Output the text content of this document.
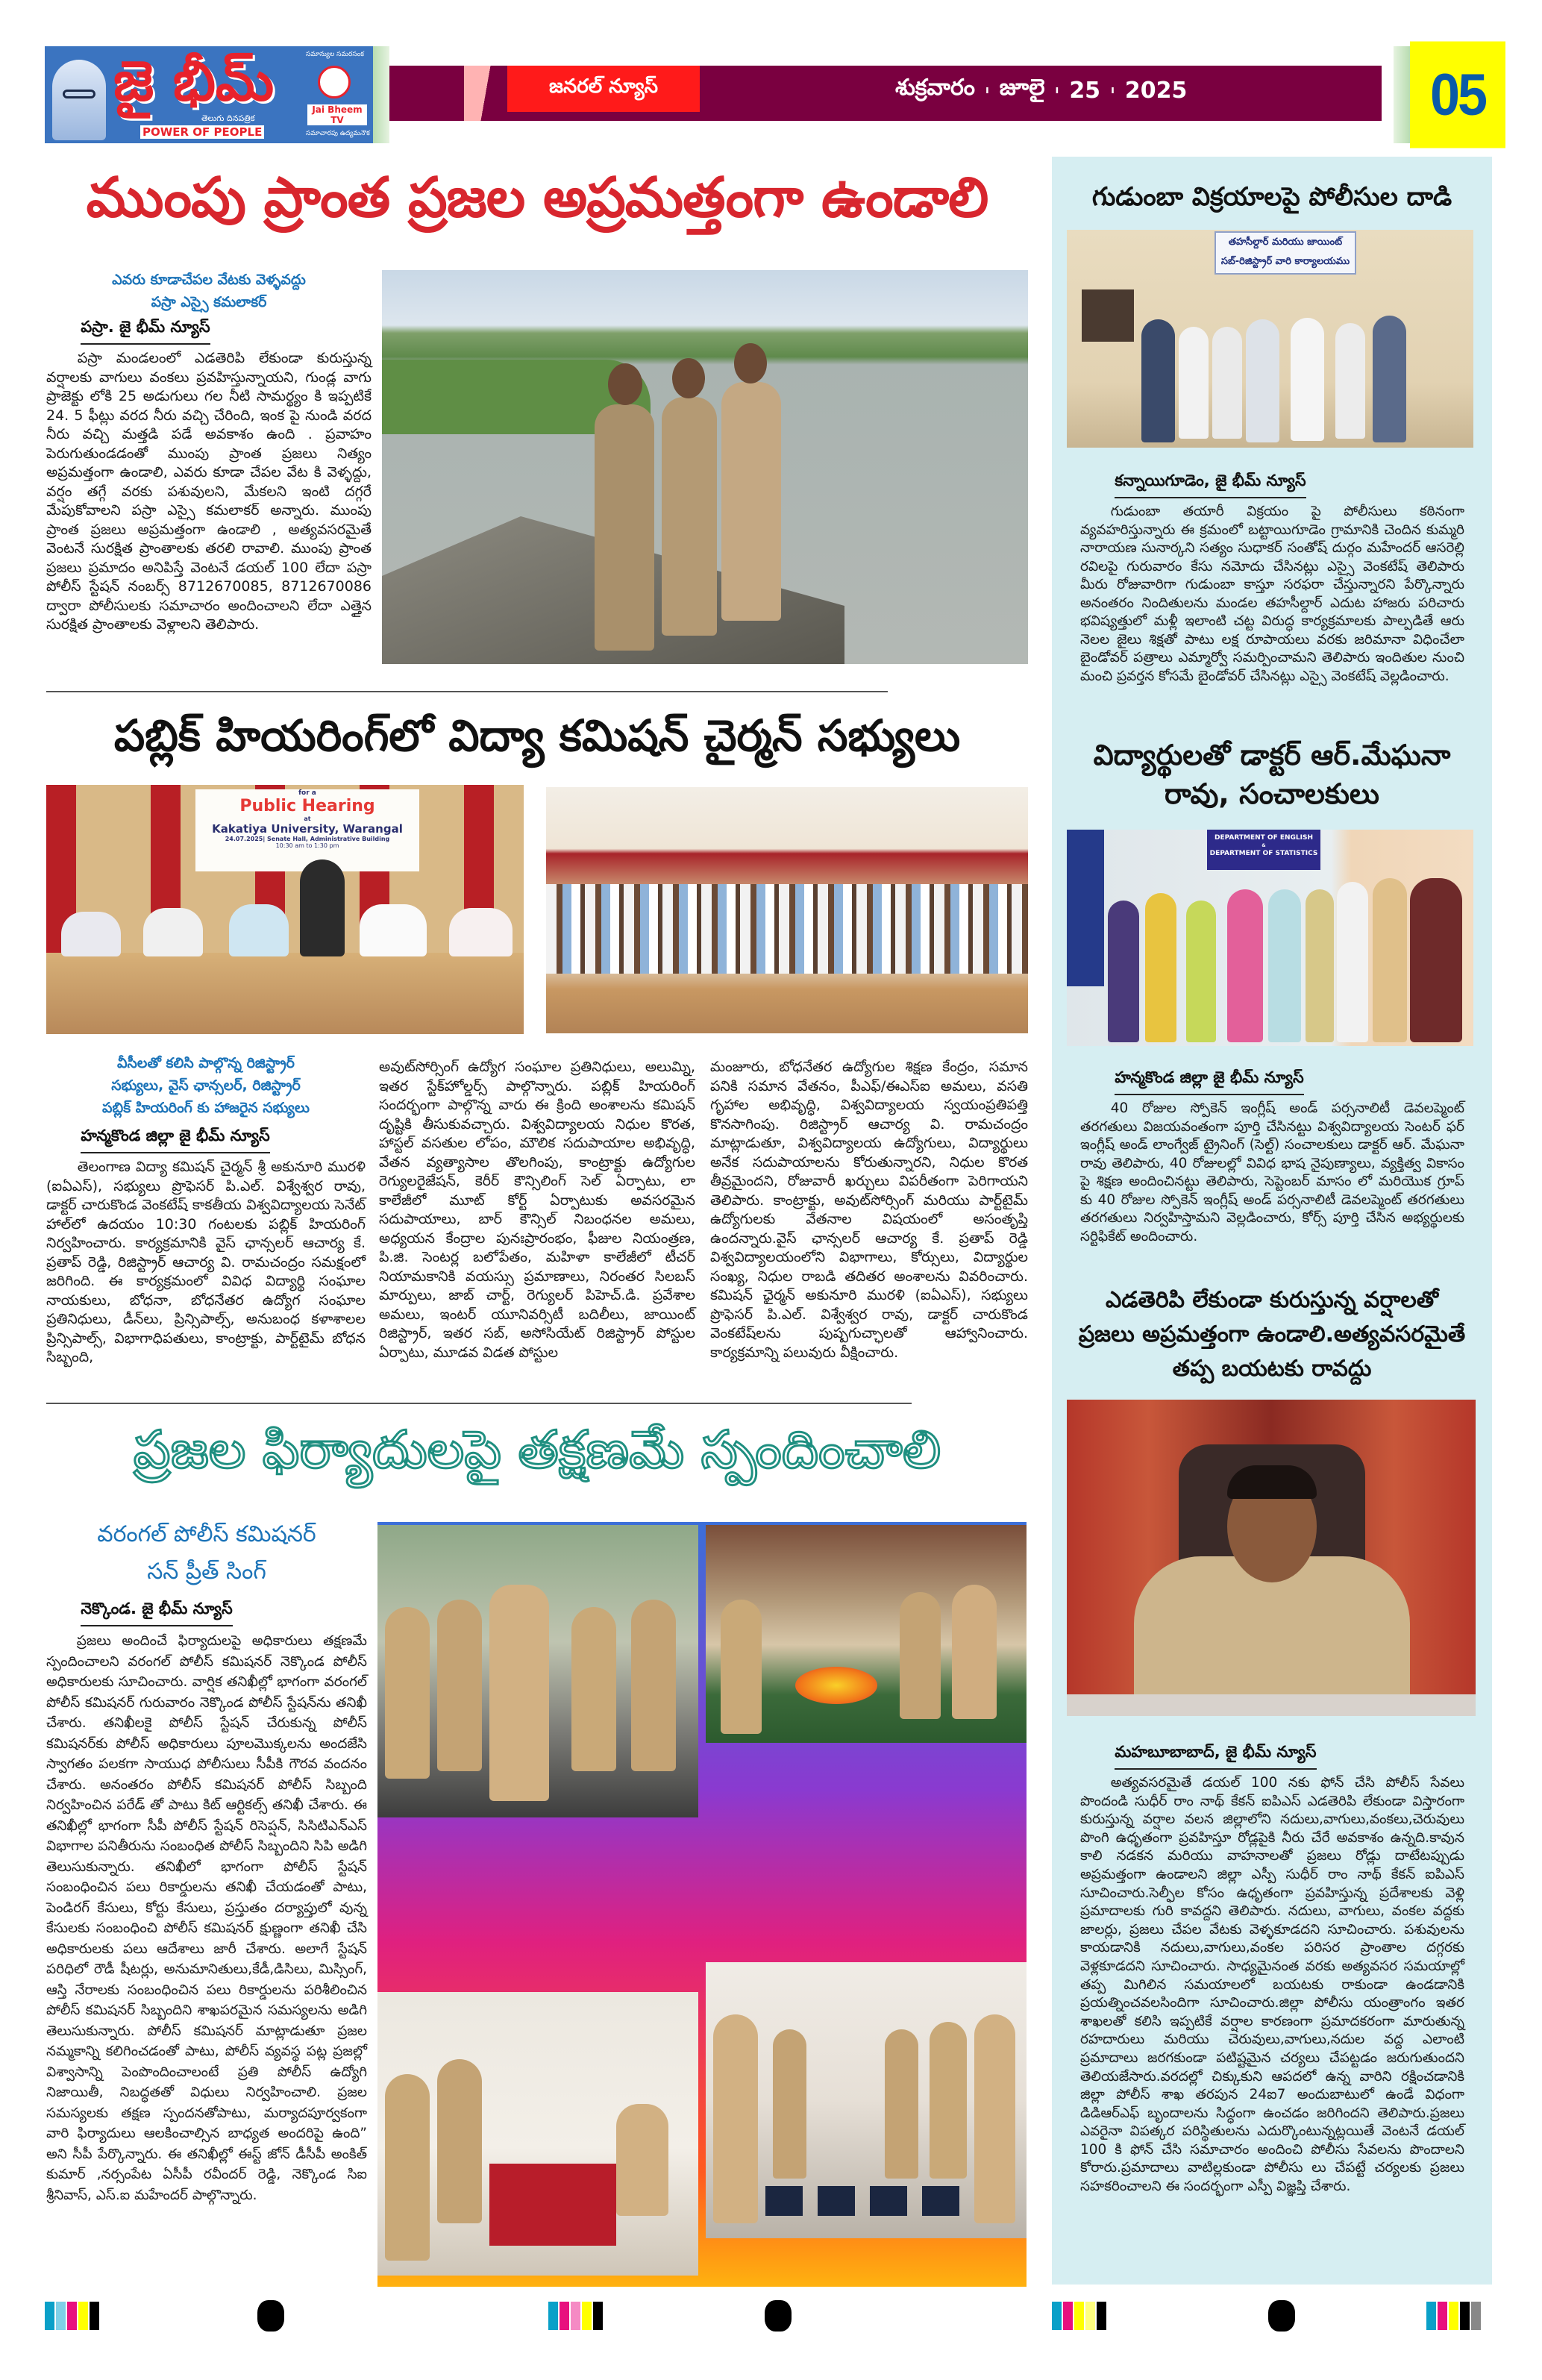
జై భీమ్
తెలుగు దినపత్రిక
POWER OF PEOPLE
సమాన్యుల సమరసంక
Jai Bheem TV
సమాచారపు ఉద్యమనౌక
జనరల్ న్యూస్	శుక్రవారం ı జూలై ı 25 ı 2025	05
ముంపు ప్రాంత ప్రజల అప్రమత్తంగా ఉండాలి
ఎవరు కూడాచేపల వేటకు వెళ్ళవద్దు
పస్రా ఎస్సై కమలాకర్
పస్రా. జై భీమ్ న్యూస్
పస్రా మండలంలో ఎడతెరిపి లేకుండా కురుస్తున్న వర్షాలకు వాగులు వంకలు ప్రవహిస్తున్నాయని, గుండ్ల వాగు ప్రాజెక్టు లోకి 25 అడుగులు గల నీటి సామర్థ్యం కి ఇప్పటికే 24. 5 ఫీట్లు వరద నీరు వచ్చి చేరింది, ఇంక పై నుండి వరద నీరు వచ్చి మత్తడి పడే అవకాశం ఉంది . ప్రవాహం పెరుగుతుండడంతో ముంపు ప్రాంత ప్రజలు నిత్యం అప్రమత్తంగా ఉండాలి, ఎవరు కూడా చేపల వేట కి వెళ్ళద్దు, వర్షం తగ్గే వరకు పశువులని, మేకలని ఇంటి దగ్గరే మేపుకోవాలని పస్రా ఎస్సై కమలాకర్ అన్నారు. ముంపు ప్రాంత ప్రజలు అప్రమత్తంగా ఉండాలి , అత్యవసరమైతే వెంటనే సురక్షిత ప్రాంతాలకు తరలి రావాలి. ముంపు ప్రాంత ప్రజలు ప్రమాదం అనిపిస్తే వెంటనే డయల్ 100 లేదా పస్రా పోలీస్ స్టేషన్ నంబర్స్ 8712670085, 8712670086 ద్వారా పోలీసులకు సమాచారం అందించాలని లేదా ఎత్తైన సురక్షిత ప్రాంతాలకు వెళ్లాలని తెలిపారు.
పబ్లిక్ హియరింగ్‌లో విద్యా కమిషన్ చైర్మన్ సభ్యులు
for a
Public Hearing
at
Kakatiya University, Warangal
24.07.2025| Senate Hall, Administrative Building
10:30 am to 1:30 pm
వీసీలతో కలిసి పాల్గొన్న రిజిస్ట్రార్
సభ్యులు, వైస్ ఛాన్సలర్, రిజిస్ట్రార్
పబ్లిక్ హియరింగ్ కు హాజరైన సభ్యులు
హన్మకొండ జిల్లా జై భీమ్ న్యూస్
తెలంగాణ విద్యా కమిషన్ చైర్మన్ శ్రీ అకునూరి మురళి (ఐఏఎస్), సభ్యులు ప్రొఫెసర్ పి.ఎల్. విశ్వేశ్వర రావు, డాక్టర్ చారుకొండ వెంకటేష్ కాకతీయ విశ్వవిద్యాలయ సెనేట్ హాల్‌లో ఉదయం 10:30 గంటలకు పబ్లిక్ హియరింగ్ నిర్వహించారు. కార్యక్రమానికి వైస్ ఛాన్సలర్ ఆచార్య కే. ప్రతాప్ రెడ్డి, రిజిస్ట్రార్ ఆచార్య వి. రామచంద్రం సమక్షంలో జరిగింది. ఈ కార్యక్రమంలో వివిధ విద్యార్థి సంఘాల నాయకులు, బోధనా, బోధనేతర ఉద్యోగ సంఘాల ప్రతినిధులు, డీన్‌లు, ప్రిన్సిపాల్స్, అనుబంధ కళాశాలల ప్రిన్సిపాల్స్, విభాగాధిపతులు, కాంట్రాక్టు, పార్ట్‌టైమ్ బోధన సిబ్బంది,
అవుట్‌సోర్సింగ్ ఉద్యోగ సంఘాల ప్రతినిధులు, అలుమ్ని, ఇతర స్టేక్‌హోల్డర్స్ పాల్గొన్నారు. పబ్లిక్ హియరింగ్ సందర్భంగా పాల్గొన్న వారు ఈ క్రింది అంశాలను కమిషన్ దృష్టికి తీసుకువచ్చారు. విశ్వవిద్యాలయ నిధుల కొరత, హాస్టల్ వసతుల లోపం, మౌలిక సదుపాయాల అభివృద్ధి, వేతన వ్యత్యాసాల తొలగింపు, కాంట్రాక్టు ఉద్యోగుల రెగ్యులరైజేషన్, కెరీర్ కౌన్సిలింగ్ సెల్ ఏర్పాటు, లా కాలేజీలో మూట్ కోర్ట్ ఏర్పాటుకు అవసరమైన సదుపాయాలు, బార్ కౌన్సిల్ నిబంధనల అమలు, అధ్యయన కేంద్రాల పునఃప్రారంభం, ఫీజుల నియంత్రణ, పి.జి. సెంటర్ల బలోపేతం, మహిళా కాలేజీలో టీచర్ నియామకానికి వయస్సు ప్రమాణాలు, నిరంతర సిలబస్ మార్పులు, జాబ్ చార్ట్, రెగ్యులర్ పిహెచ్.డి. ప్రవేశాల అమలు, ఇంటర్ యూనివర్సిటీ బదిలీలు, జాయింట్ రిజిస్ట్రార్, ఇతర సబ్, అసోసియేట్ రిజిస్ట్రార్ పోస్టుల ఏర్పాటు, మూడవ విడత పోస్టుల
మంజూరు, బోధనేతర ఉద్యోగుల శిక్షణ కేంద్రం, సమాన పనికి సమాన వేతనం, పీఎఫ్/ఈఎస్ఐ అమలు, వసతి గృహాల అభివృద్ధి, విశ్వవిద్యాలయ స్వయంప్రతిపత్తి కొనసాగింపు. రిజిస్ట్రార్ ఆచార్య వి. రామచంద్రం మాట్లాడుతూ, విశ్వవిద్యాలయ ఉద్యోగులు, విద్యార్థులు అనేక సదుపాయాలను కోరుతున్నారని, నిధుల కొరత తీవ్రమైందని, రోజువారీ ఖర్చులు విపరీతంగా పెరిగాయని తెలిపారు. కాంట్రాక్టు, అవుట్‌సోర్సింగ్ మరియు పార్ట్‌టైమ్ ఉద్యోగులకు వేతనాల విషయంలో అసంతృప్తి ఉందన్నారు.వైస్ ఛాన్సలర్ ఆచార్య కే. ప్రతాప్ రెడ్డి విశ్వవిద్యాలయంలోని విభాగాలు, కోర్సులు, విద్యార్థుల సంఖ్య, నిధుల రాబడి తదితర అంశాలను వివరించారు. కమిషన్ ఛైర్మన్ అకునూరి మురళి (ఐఏఎస్), సభ్యులు ప్రొఫెసర్ పి.ఎల్. విశ్వేశ్వర రావు, డాక్టర్ చారుకొండ వెంకటేష్‌లను పుష్పగుచ్ఛాలతో ఆహ్వానించారు. కార్యక్రమాన్ని పలువురు వీక్షించారు.
ప్రజల ఫిర్యాదులపై తక్షణమే స్పందించాలి
వరంగల్ పోలీస్ కమిషనర్
సన్ ప్రీత్ సింగ్
నెక్కొండ. జై భీమ్ న్యూస్
ప్రజలు అందించే ఫిర్యాదులపై అధికారులు తక్షణమే స్పందించాలని వరంగల్ పోలీస్ కమిషనర్ నెక్కొండ పోలీస్ అధికారులకు సూచించారు. వార్షిక తనిఖీల్లో భాగంగా వరంగల్ పోలీస్ కమిషనర్ గురువారం నెక్కొండ పోలీస్ స్టేషన్‌ను తనిఖీ చేశారు. తనిఖీలకై పోలీస్ స్టేషన్ చేరుకున్న పోలీస్ కమిషనర్‌కు పోలీస్ అధికారులు పూలమొక్కలను అందజేసి స్వాగతం పలకగా సాయుధ పోలీసులు సీపీకి గౌరవ వందనం చేశారు. అనంతరం పోలీస్ కమిషనర్ పోలీస్ సిబ్బంది నిర్వహించిన పరేడ్ తో పాటు కిట్ ఆర్టికల్స్ తనిఖీ చేశారు. ఈ తనిఖీల్లో భాగంగా సీపీ పోలీస్ స్టేషన్ రిసెప్షన్, సిసిటిఎన్ఎస్ విభాగాల పనితీరును సంబంధిత పోలీస్ సిబ్బందిని సిపి అడిగి తెలుసుకున్నారు. తనిఖీలో భాగంగా పోలీస్ స్టేషన్ సంబంధించిన పలు రికార్డులను తనిఖీ చేయడంతో పాటు, పెండిరగ్ కేసులు, కోర్టు కేసులు, ప్రస్తుతం దర్యాప్తులో వున్న కేసులకు సంబంధించి పోలీస్ కమిషనర్ క్షుణ్ణంగా తనిఖీ చేసి అధికారులకు పలు ఆదేశాలు జారీ చేశారు. అలాగే స్టేషన్ పరిధిలో రౌడీ షీటర్లు, అనుమానితులు,కేడీ,డిసిలు, మిస్సింగ్, ఆస్తి నేరాలకు సంబంధించిన పలు రికార్డులను పరిశీలించిన పోలీస్ కమిషనర్ సిబ్బందిని శాఖపరమైన సమస్యలను అడిగి తెలుసుకున్నారు. పోలీస్ కమిషనర్ మాట్లాడుతూ ప్రజల నమ్మకాన్ని కలిగించడంతో పాటు, పోలీస్ వ్యవస్థ పట్ల ప్రజల్లో విశ్వాసాన్ని పెంపొందించాలంటే ప్రతి పోలీస్ ఉద్యోగి నిజాయితీ, నిబద్ధతతో విధులు నిర్వహించాలి. ప్రజల సమస్యలకు తక్షణ స్పందనతోపాటు, మర్యాదపూర్వకంగా వారి ఫిర్యాదులు ఆలకించాల్సిన బాధ్యత అందరిపై ఉంది” అని సీపీ పేర్కొన్నారు. ఈ తనిఖీల్లో ఈస్ట్ జోన్ డీసీపీ అంకిత్ కుమార్ ,నర్సంపేట ఏసీపీ రవీందర్ రెడ్డి, నెక్కొండ సిఐ శ్రీనివాస్, ఎస్.ఐ మహేందర్ పాల్గొన్నారు.
గుడుంబా విక్రయాలపై పోలీసుల దాడి
తహసీల్దార్ మరియు జాయింట్
సబ్-రిజిస్ట్రార్ వారి కార్యాలయము
కన్నాయిగూడెం, జై భీమ్ న్యూస్
గుడుంబా తయారీ విక్రయం పై పోలీసులు కఠినంగా వ్యవహరిస్తున్నారు ఈ క్రమంలో బట్టాయిగూడెం గ్రామానికి చెందిన కుమ్మరి నారాయణ సునార్కని సత్యం సుధాకర్ సంతోష్ దుర్గం మహేందర్ ఆసరెల్లి రవిలపై గురువారం కేసు నమోదు చేసినట్లు ఎస్సై వెంకటేష్ తెలిపారు మీరు రోజువారిగా గుడుంబా కాస్తూ సరఫరా చేస్తున్నారని పేర్కొన్నారు అనంతరం నిందితులను మండల తహసీల్దార్ ఎదుట హాజరు పరిచారు భవిష్యత్తులో మళ్లీ ఇలాంటి చట్ట విరుద్ధ కార్యక్రమాలకు పాల్పడితే ఆరు నెలల జైలు శిక్షతో పాటు లక్ష రూపాయలు వరకు జరిమానా విధించేలా బైండోవర్ పత్రాలు ఎమ్మార్వో సమర్పించామని తెలిపారు ఇందితుల నుంచి మంచి ప్రవర్తన కోసమే బైండోవర్ చేసినట్లు ఎస్సై వెంకటేష్ వెల్లడించారు.
విద్యార్థులతో డాక్టర్ ఆర్.మేఘనా
రావు, సంచాలకులు
DEPARTMENT OF ENGLISH
&
DEPARTMENT OF STATISTICS
హన్మకొండ జిల్లా జై భీమ్ న్యూస్
40 రోజుల స్పోకెన్ ఇంగ్లీష్ అండ్ పర్సనాలిటీ డెవలప్మెంట్ తరగతులు విజయవంతంగా పూర్తి చేసినట్టు విశ్వవిద్యాలయ సెంటర్ ఫర్ ఇంగ్లీష్ అండ్ లాంగ్వేజ్ ట్రైనింగ్ (సెల్ట్) సంచాలకులు డాక్టర్ ఆర్. మేఘనా రావు తెలిపారు, 40 రోజులల్లో వివిధ భాష నైపుణ్యాలు, వ్యక్తిత్వ వికాసం పై శిక్షణ అందించినట్టు తెలిపారు, సెప్టెంబర్ మాసం లో మరియొక గ్రూప్ కు 40 రోజుల స్పోకెన్ ఇంగ్లీష్ అండ్ పర్సనాలిటీ డెవలప్మెంట్ తరగతులు తరగతులు నిర్వహిస్తామని వెల్లడించారు, కోర్స్ పూర్తి చేసిన అభ్యర్థులకు సర్టిఫికేట్ అందించారు.
ఎడతెరిపి లేకుండా కురుస్తున్న వర్షాలతో
ప్రజలు అప్రమత్తంగా ఉండాలి.అత్యవసరమైతే
తప్ప బయటకు రావద్దు
మహబూబాబాద్, జై భీమ్ న్యూస్
అత్యవసరమైతే డయల్ 100 నకు ఫోన్ చేసి పోలీస్ సేవలు పొందండి సుధీర్ రాం నాథ్ కేకన్ ఐపిఎస్ ఎడతెరిపి లేకుండా విస్తారంగా కురుస్తున్న వర్షాల వలన జిల్లాలోని నదులు,వాగులు,వంకలు,చెరువులు పొంగి ఉధృతంగా ప్రవహిస్తూ రోడ్లపైకి నీరు చేరే అవకాశం ఉన్నది.కావున కాలి నడకన మరియు వాహనాలతో ప్రజలు రోడ్లు దాటేటప్పుడు అప్రమత్తంగా ఉండాలని జిల్లా ఎస్పీ సుధీర్ రాం నాథ్ కేకన్ ఐపిఎస్ సూచించారు.సెల్ఫీల కోసం ఉధృతంగా ప్రవహిస్తున్న ప్రదేశాలకు వెళ్లి ప్రమాదాలకు గురి కావద్దని తెలిపారు. నదులు, వాగులు, వంకల వద్దకు జాలర్లు, ప్రజలు చేపల వేటకు వెళ్ళకూడదని సూచించారు. పశువులను కాయడానికి నదులు,వాగులు,వంకల పరిసర ప్రాంతాల దగ్గరకు వెళ్లకూడదని సూచించారు. సాధ్యమైనంత వరకు అత్యవసర సమయాల్లో తప్ప మిగిలిన సమయాలలో బయటకు రాకుండా ఉండడానికి ప్రయత్నించవలసిందిగా సూచించారు.జిల్లా పోలీసు యంత్రాంగం ఇతర శాఖలతో కలిసి ఇప్పటికే వర్షాల కారణంగా ప్రమాదకరంగా మారుతున్న రహదారులు మరియు చెరువులు,వాగులు,నదుల వద్ద ఎలాంటి ప్రమాదాలు జరగకుండా పటిష్టమైన చర్యలు చేపట్టడం జరుగుతుందని తెలియజేసారు.వరదల్లో చిక్కుకుని ఆపదలో ఉన్న వారిని రక్షించడానికి జిల్లా పోలీస్ శాఖ తరపున 24ఐ7 అందుబాటులో ఉండే విధంగా డిడిఆర్ఎఫ్ బృందాలను సిద్ధంగా ఉంచడం జరిగిందని తెలిపారు.ప్రజలు ఎవరైనా విపత్కర పరిస్థితులను ఎదుర్కొంటున్నట్లయితే వెంటనే డయల్ 100 కి ఫోన్ చేసి సమాచారం అందించి పోలీసు సేవలను పొందాలని కోరారు.ప్రమాదాలు వాటిల్లకుండా పోలీసు లు చేపట్టే చర్యలకు ప్రజలు సహకరించాలని ఈ సందర్భంగా ఎస్పీ విజ్ఞప్తి చేశారు.
